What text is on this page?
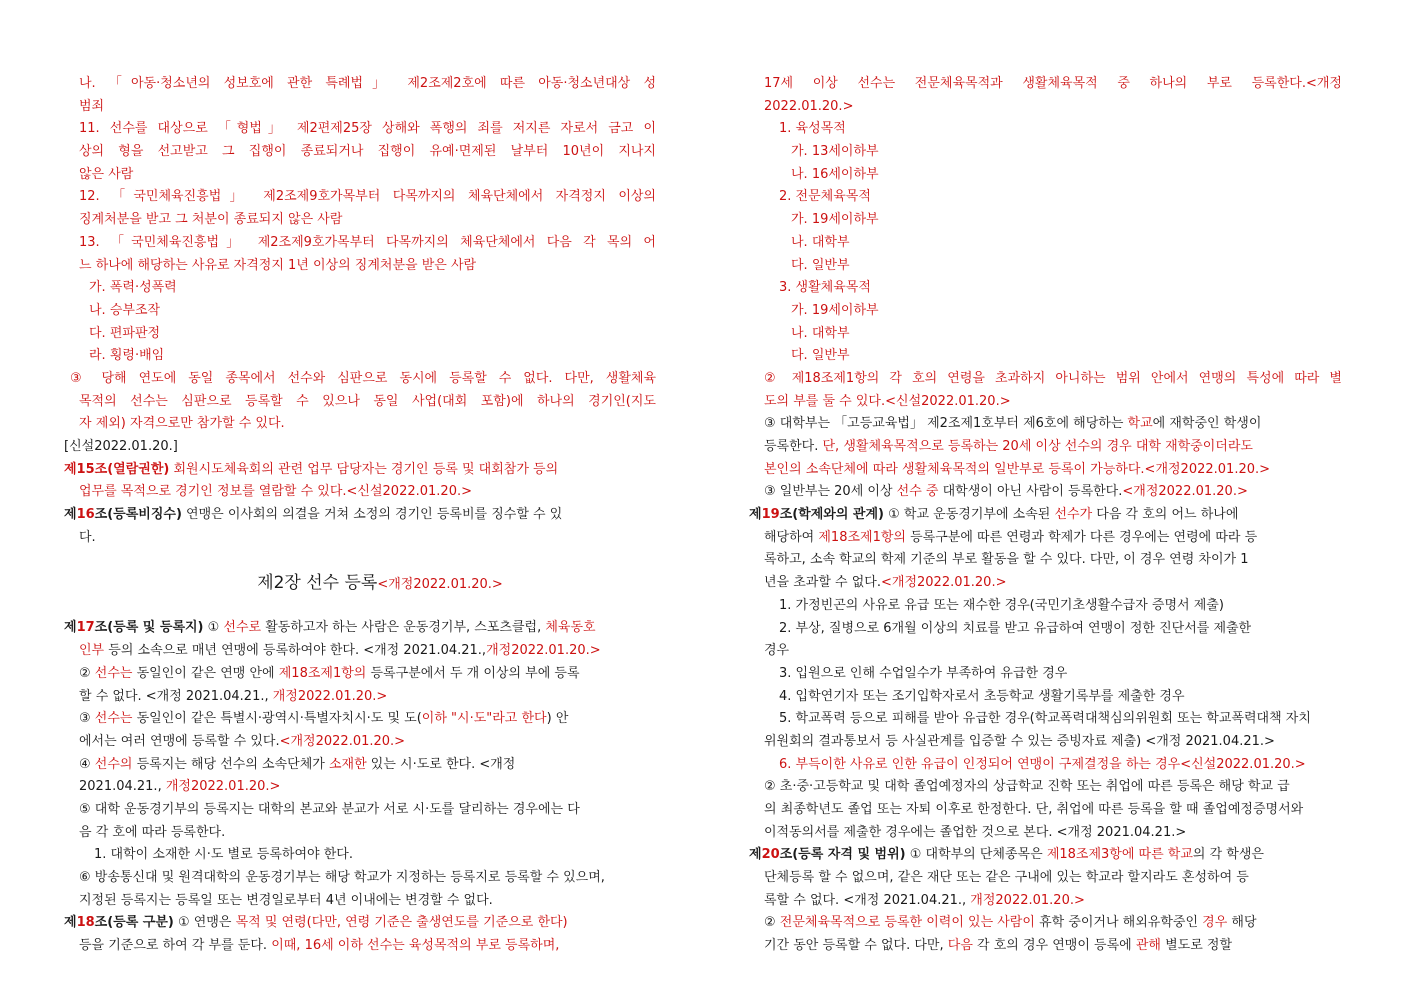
나. 「아동·청소년의 성보호에 관한 특례법」 제2조제2호에 따른 아동·청소년대상 성
범죄
11. 선수를 대상으로 「형법」 제2편제25장 상해와 폭행의 죄를 저지른 자로서 금고 이
상의 형을 선고받고 그 집행이 종료되거나 집행이 유예·면제된 날부터 10년이 지나지
않은 사람
12. 「국민체육진흥법」 제2조제9호가목부터 다목까지의 체육단체에서 자격정지 이상의
징계처분을 받고 그 처분이 종료되지 않은 사람
13. 「국민체육진흥법」 제2조제9호가목부터 다목까지의 체육단체에서 다음 각 목의 어
느 하나에 해당하는 사유로 자격정지 1년 이상의 징계처분을 받은 사람
가. 폭력·성폭력
나. 승부조작
다. 편파판정
라. 횡령·배임
③ 당해 연도에 동일 종목에서 선수와 심판으로 동시에 등록할 수 없다. 다만, 생활체육
목적의 선수는 심판으로 등록할 수 있으나 동일 사업(대회 포함)에 하나의 경기인(지도
자 제외) 자격으로만 참가할 수 있다.
[신설2022.01.20.]
제15조(열람권한) 회원시도체육회의 관련 업무 담당자는 경기인 등록 및 대회참가 등의
업무를 목적으로 경기인 정보를 열람할 수 있다.<신설2022.01.20.>
제16조(등록비징수) 연맹은 이사회의 의결을 거쳐 소정의 경기인 등록비를 징수할 수 있
다.
제2장 선수 등록<개정2022.01.20.>
제17조(등록 및 등록지) ① 선수로 활동하고자 하는 사람은 운동경기부, 스포츠클럽, 체육동호
인부 등의 소속으로 매년 연맹에 등록하여야 한다. <개정 2021.04.21.,개정2022.01.20.>
② 선수는 동일인이 같은 연맹 안에 제18조제1항의 등록구분에서 두 개 이상의 부에 등록
할 수 없다. <개정 2021.04.21., 개정2022.01.20.>
③ 선수는 동일인이 같은 특별시·광역시·특별자치시·도 및 도(이하 "시·도"라고 한다) 안
에서는 여러 연맹에 등록할 수 있다.<개정2022.01.20.>
④ 선수의 등록지는 해당 선수의 소속단체가 소재한 있는 시·도로 한다. <개정
2021.04.21., 개정2022.01.20.>
⑤ 대학 운동경기부의 등록지는 대학의 본교와 분교가 서로 시·도를 달리하는 경우에는 다
음 각 호에 따라 등록한다.
1. 대학이 소재한 시·도 별로 등록하여야 한다.
⑥ 방송통신대 및 원격대학의 운동경기부는 해당 학교가 지정하는 등록지로 등록할 수 있으며,
지정된 등록지는 등록일 또는 변경일로부터 4년 이내에는 변경할 수 없다.
제18조(등록 구분) ① 연맹은 목적 및 연령(다만, 연령 기준은 출생연도를 기준으로 한다)
등을 기준으로 하여 각 부를 둔다. 이때, 16세 이하 선수는 육성목적의 부로 등록하며,
17세 이상 선수는 전문체육목적과 생활체육목적 중 하나의 부로 등록한다.<개정
2022.01.20.>
1. 육성목적
가. 13세이하부
나. 16세이하부
2. 전문체육목적
가. 19세이하부
나. 대학부
다. 일반부
3. 생활체육목적
가. 19세이하부
나. 대학부
다. 일반부
② 제18조제1항의 각 호의 연령을 초과하지 아니하는 범위 안에서 연맹의 특성에 따라 별
도의 부를 둘 수 있다.<신설2022.01.20.>
③ 대학부는 「고등교육법」 제2조제1호부터 제6호에 해당하는 학교에 재학중인 학생이
등록한다. 단, 생활체육목적으로 등록하는 20세 이상 선수의 경우 대학 재학중이더라도
본인의 소속단체에 따라 생활체육목적의 일반부로 등록이 가능하다.<개정2022.01.20.>
③ 일반부는 20세 이상 선수 중 대학생이 아닌 사람이 등록한다.<개정2022.01.20.>
제19조(학제와의 관계) ① 학교 운동경기부에 소속된 선수가 다음 각 호의 어느 하나에
해당하여 제18조제1항의 등록구분에 따른 연령과 학제가 다른 경우에는 연령에 따라 등
록하고, 소속 학교의 학제 기준의 부로 활동을 할 수 있다. 다만, 이 경우 연령 차이가 1
년을 초과할 수 없다.<개정2022.01.20.>
1. 가정빈곤의 사유로 유급 또는 재수한 경우(국민기초생활수급자 증명서 제출)
2. 부상, 질병으로 6개월 이상의 치료를 받고 유급하여 연맹이 정한 진단서를 제출한
경우
3. 입원으로 인해 수업일수가 부족하여 유급한 경우
4. 입학연기자 또는 조기입학자로서 초등학교 생활기록부를 제출한 경우
5. 학교폭력 등으로 피해를 받아 유급한 경우(학교폭력대책심의위원회 또는 학교폭력대책 자치
위원회의 결과통보서 등 사실관계를 입증할 수 있는 증빙자료 제출) <개정 2021.04.21.>
6. 부득이한 사유로 인한 유급이 인정되어 연맹이 구제결정을 하는 경우<신설2022.01.20.>
② 초·중·고등학교 및 대학 졸업예정자의 상급학교 진학 또는 취업에 따른 등록은 해당 학교 급
의 최종학년도 졸업 또는 자퇴 이후로 한정한다. 단, 취업에 따른 등록을 할 때 졸업예정증명서와
이적동의서를 제출한 경우에는 졸업한 것으로 본다. <개정 2021.04.21.>
제20조(등록 자격 및 범위) ① 대학부의 단체종목은 제18조제3항에 따른 학교의 각 학생은
단체등록 할 수 없으며, 같은 재단 또는 같은 구내에 있는 학교라 할지라도 혼성하여 등
록할 수 없다. <개정 2021.04.21., 개정2022.01.20.>
② 전문체육목적으로 등록한 이력이 있는 사람이 휴학 중이거나 해외유학중인 경우 해당
기간 동안 등록할 수 없다. 다만, 다음 각 호의 경우 연맹이 등록에 관해 별도로 정할
